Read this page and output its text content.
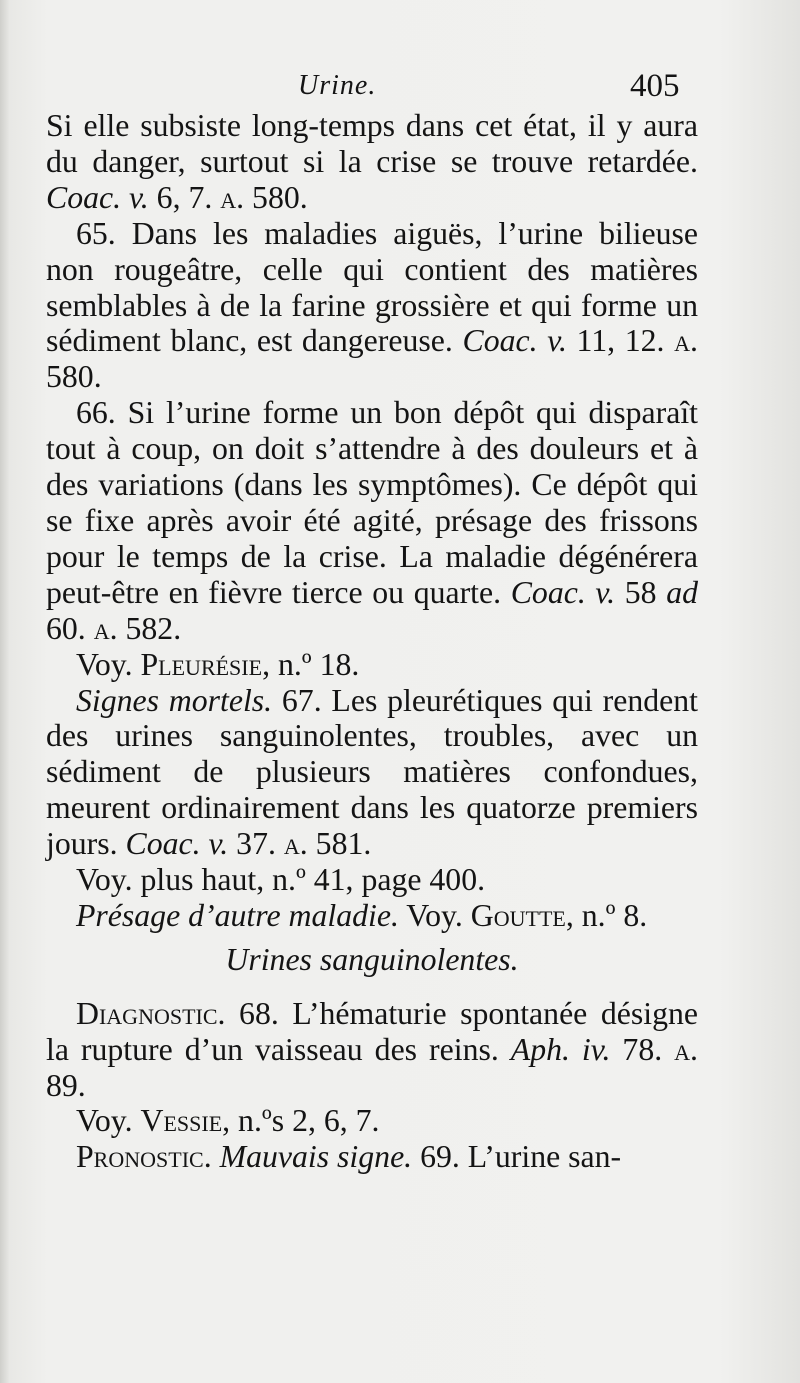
Urine.	405

Si elle subsiste long-temps dans cet état, il y aura du danger, surtout si la crise se trouve retardée. Coac. v. 6, 7. a. 580.

65. Dans les maladies aiguës, l’urine bilieuse non rougeâtre, celle qui contient des matières semblables à de la farine grossière et qui forme un sédiment blanc, est dangereuse. Coac. v. 11, 12. a. 580.

66. Si l’urine forme un bon dépôt qui disparaît tout à coup, on doit s’attendre à des douleurs et à des variations (dans les symptômes). Ce dépôt qui se fixe après avoir été agité, présage des frissons pour le temps de la crise. La maladie dégénérera peut-être en fièvre tierce ou quarte. Coac. v. 58 ad 60. a. 582.

Voy. Pleurésie, n.º 18.

Signes mortels. 67. Les pleurétiques qui rendent des urines sanguinolentes, troubles, avec un sédiment de plusieurs matières confondues, meurent ordinairement dans les quatorze premiers jours. Coac. v. 37. a. 581.

Voy. plus haut, n.º 41, page 400.

Présage d’autre maladie. Voy. Goutte, n.º 8.

Urines sanguinolentes.

Diagnostic. 68. L’hématurie spontanée désigne la rupture d’un vaisseau des reins. Aph. iv. 78. a. 89.

Voy. Vessie, n.ºs 2, 6, 7.

Pronostic. Mauvais signe. 69. L’urine san-
